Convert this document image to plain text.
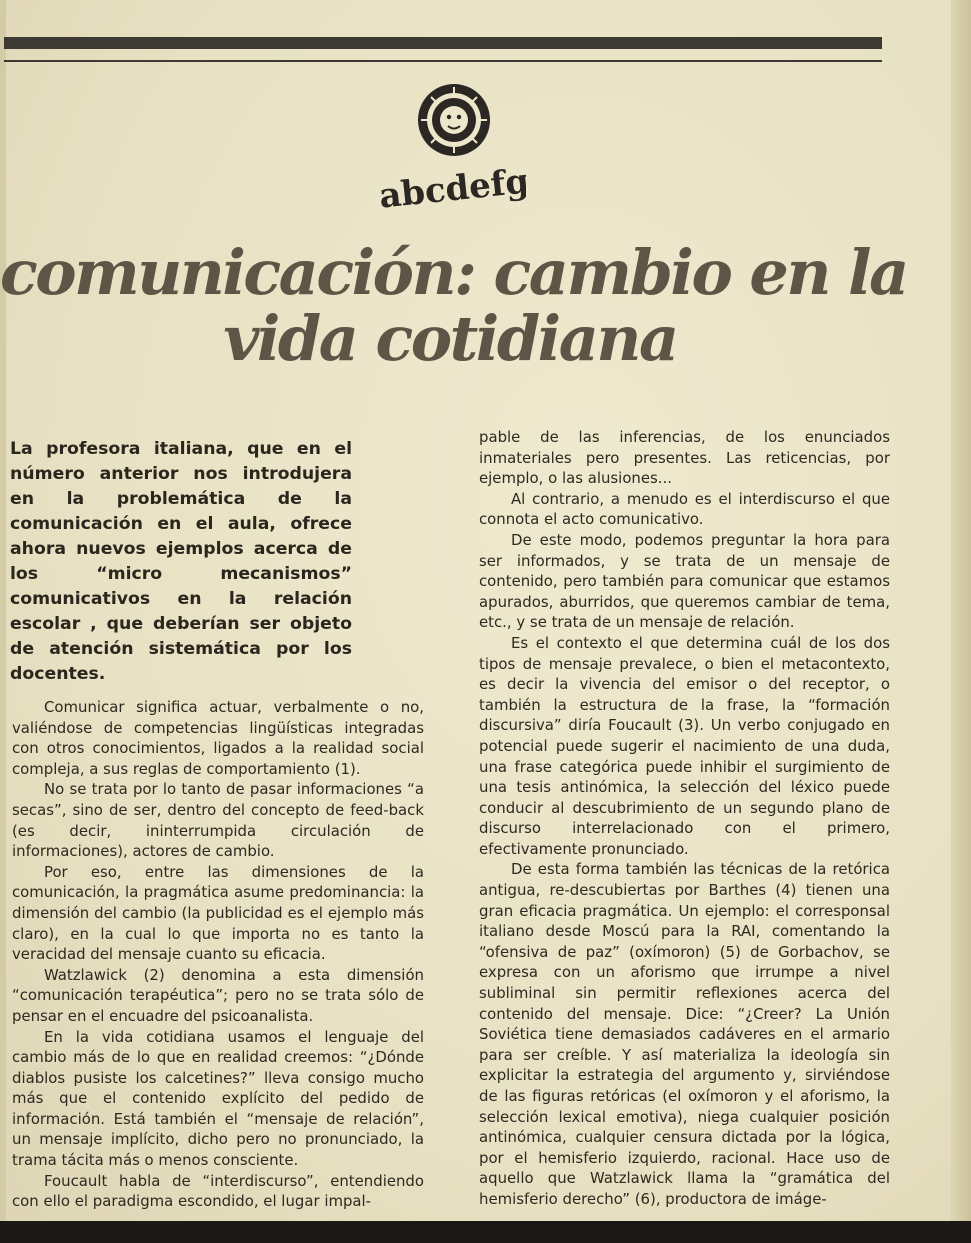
abcdefg
comunicación: cambio en la
vida cotidiana

La profesora italiana, que en el número anterior nos introdujera en la problemática de la comunicación en el aula, ofrece ahora nuevos ejemplos acerca de los “micro mecanismos” comunicativos en la relación escolar , que deberían ser objeto de atención sistemática por los docentes.

Comunicar significa actuar, verbalmente o no, valiéndose de competencias lingüísticas integradas con otros conocimientos, ligados a la realidad social compleja, a sus reglas de comportamiento (1).

No se trata por lo tanto de pasar informaciones “a secas”, sino de ser, dentro del concepto de feed-back (es decir, ininterrumpida circulación de informaciones), actores de cambio.

Por eso, entre las dimensiones de la comunicación, la pragmática asume predominancia: la dimensión del cambio (la publicidad es el ejemplo más claro), en la cual lo que importa no es tanto la veracidad del mensaje cuanto su eficacia.

Watzlawick (2) denomina a esta dimensión “comunicación terapéutica”; pero no se trata sólo de pensar en el encuadre del psicoanalista.

En la vida cotidiana usamos el lenguaje del cambio más de lo que en realidad creemos: “¿Dónde diablos pusiste los calcetines?” lleva consigo mucho más que el contenido explícito del pedido de información. Está también el “mensaje de relación”, un mensaje implícito, dicho pero no pronunciado, la trama tácita más o menos consciente.

Foucault habla de “interdiscurso”, entendiendo con ello el paradigma escondido, el lugar impal-

pable de las inferencias, de los enunciados inmateriales pero presentes. Las reticencias, por ejemplo, o las alusiones...

Al contrario, a menudo es el interdiscurso el que connota el acto comunicativo.

De este modo, podemos preguntar la hora para ser informados, y se trata de un mensaje de contenido, pero también para comunicar que estamos apurados, aburridos, que queremos cambiar de tema, etc., y se trata de un mensaje de relación.

Es el contexto el que determina cuál de los dos tipos de mensaje prevalece, o bien el metacontexto, es decir la vivencia del emisor o del receptor, o también la estructura de la frase, la “formación discursiva” diría Foucault (3). Un verbo conjugado en potencial puede sugerir el nacimiento de una duda, una frase categórica puede inhibir el surgimiento de una tesis antinómica, la selección del léxico puede conducir al descubrimiento de un segundo plano de discurso interrelacionado con el primero, efectivamente pronunciado.

De esta forma también las técnicas de la retórica antigua, re-descubiertas por Barthes (4) tienen una gran eficacia pragmática. Un ejemplo: el corresponsal italiano desde Moscú para la RAI, comentando la “ofensiva de paz” (oxímoron) (5) de Gorbachov, se expresa con un aforismo que irrumpe a nivel subliminal sin permitir reflexiones acerca del contenido del mensaje. Dice: “¿Creer? La Unión Soviética tiene demasiados cadáveres en el armario para ser creíble. Y así materializa la ideología sin explicitar la estrategia del argumento y, sirviéndose de las figuras retóricas (el oxímoron y el aforismo, la selección lexical emotiva), niega cualquier posición antinómica, cualquier censura dictada por la lógica, por el hemisferio izquierdo, racional. Hace uso de aquello que Watzlawick llama la “gramática del hemisferio derecho” (6), productora de imáge-
